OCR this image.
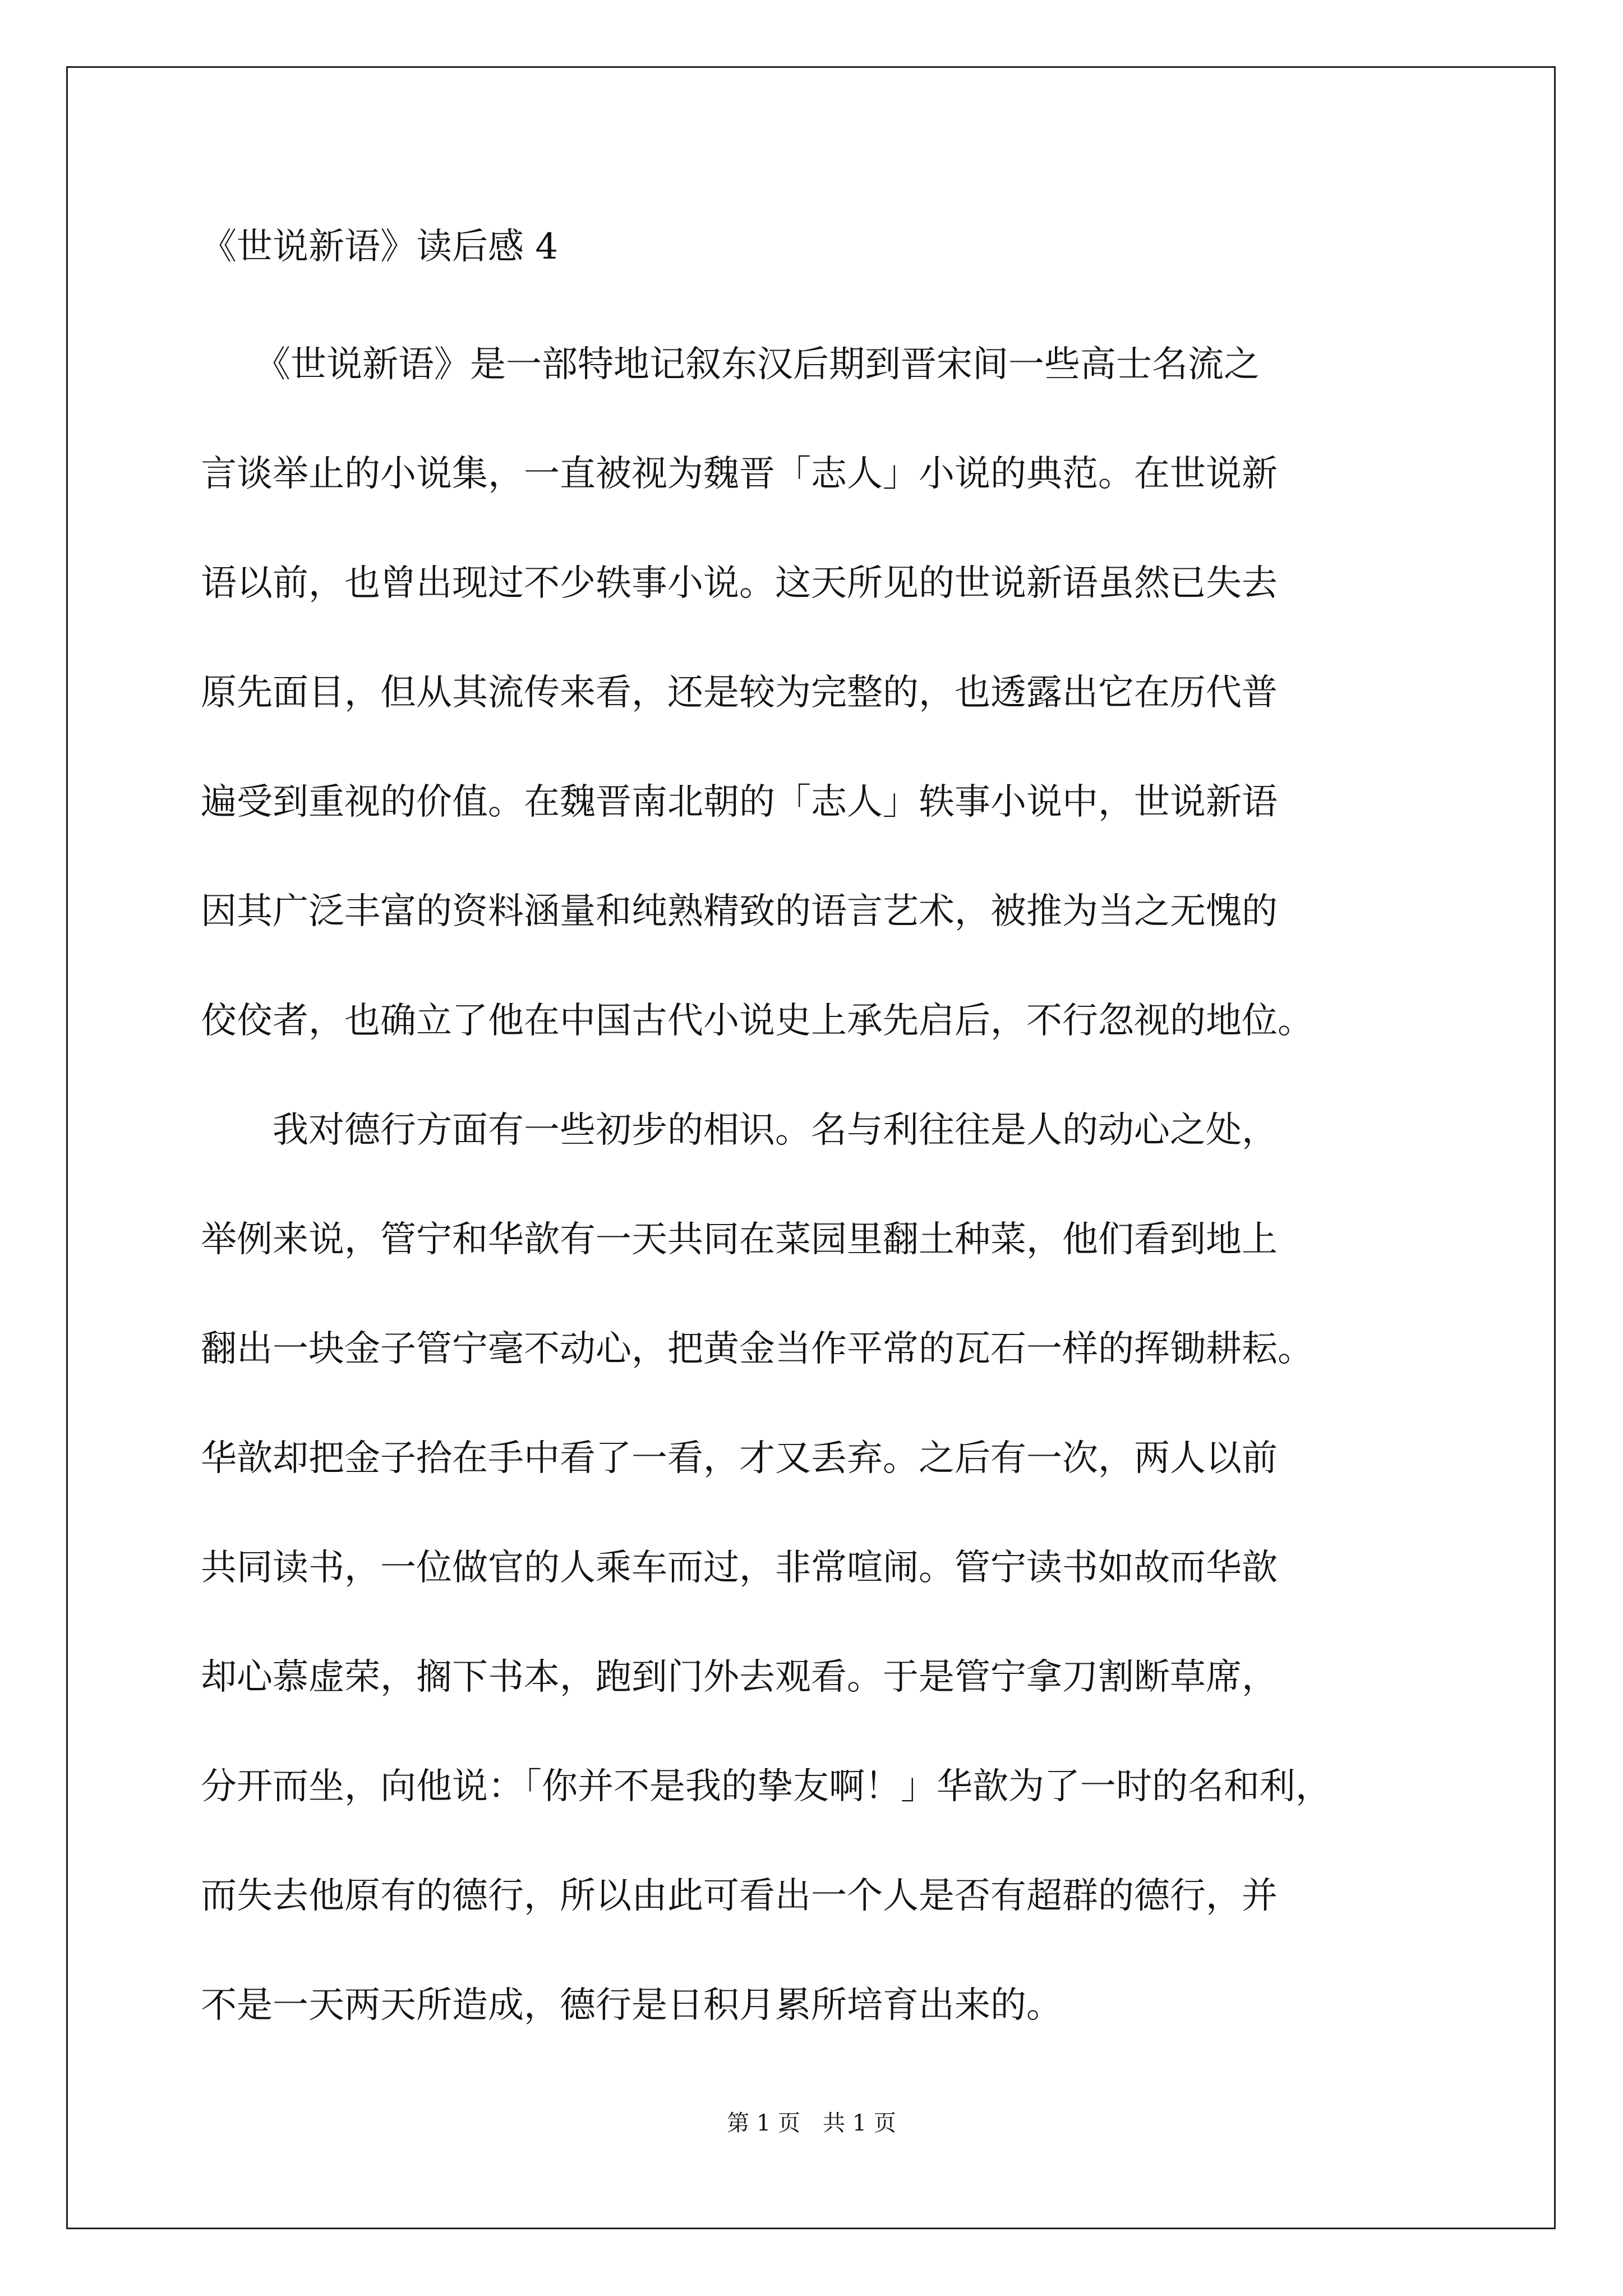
《世说新语》读后感 4
　　《世说新语》是一部特地记叙东汉后期到晋宋间一些高士名流之
言谈举止的小说集，一直被视为魏晋「志人」小说的典范。在世说新
语以前，也曾出现过不少轶事小说。这天所见的世说新语虽然已失去
原先面目，但从其流传来看，还是较为完整的，也透露出它在历代普
遍受到重视的价值。在魏晋南北朝的「志人」轶事小说中，世说新语
因其广泛丰富的资料涵量和纯熟精致的语言艺术，被推为当之无愧的
佼佼者，也确立了他在中国古代小说史上承先启后，不行忽视的地位。
　　我对德行方面有一些初步的相识。名与利往往是人的动心之处，
举例来说，管宁和华歆有一天共同在菜园里翻土种菜，他们看到地上
翻出一块金子管宁毫不动心，把黄金当作平常的瓦石一样的挥锄耕耘。
华歆却把金子拾在手中看了一看，才又丢弃。之后有一次，两人以前
共同读书，一位做官的人乘车而过，非常喧闹。管宁读书如故而华歆
却心慕虚荣，搁下书本，跑到门外去观看。于是管宁拿刀割断草席，
分开而坐，向他说：「你并不是我的挚友啊！」华歆为了一时的名和利，
而失去他原有的德行，所以由此可看出一个人是否有超群的德行，并
不是一天两天所造成，德行是日积月累所培育出来的。
第 1 页　共 1 页
